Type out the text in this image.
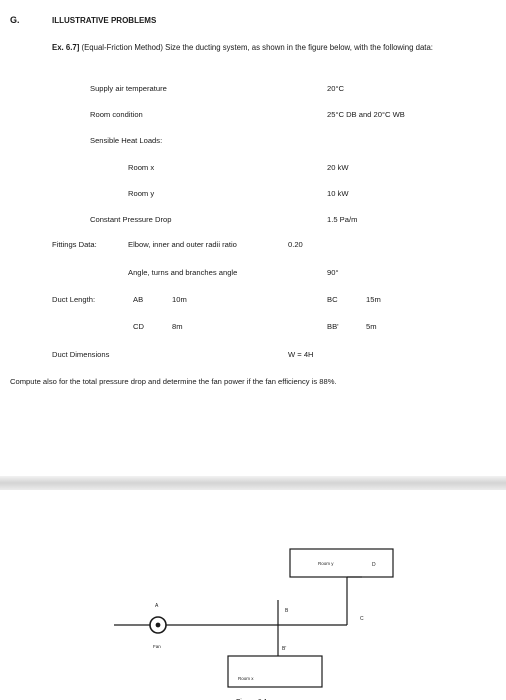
G.	ILLUSTRATIVE PROBLEMS
Ex. 6.7] (Equal-Friction Method) Size the ducting system, as shown in the figure below, with the following data:
Supply air temperature	20°C
Room condition	25°C DB and 20°C WB
Sensible Heat Loads:
Room x	20 kW
Room y	10 kW
Constant Pressure Drop	1.5 Pa/m
Fittings Data:	Elbow, inner and outer radii ratio	0.20
Angle, turns and branches angle	90°
Duct Length:	AB	10m	BC	15m
CD	8m	BB'	5m
Duct Dimensions	W = 4H
Compute also for the total pressure drop and determine the fan power if the fan efficiency is 88%.
Room y
Room x
Fan
A
B
B'
C
D
